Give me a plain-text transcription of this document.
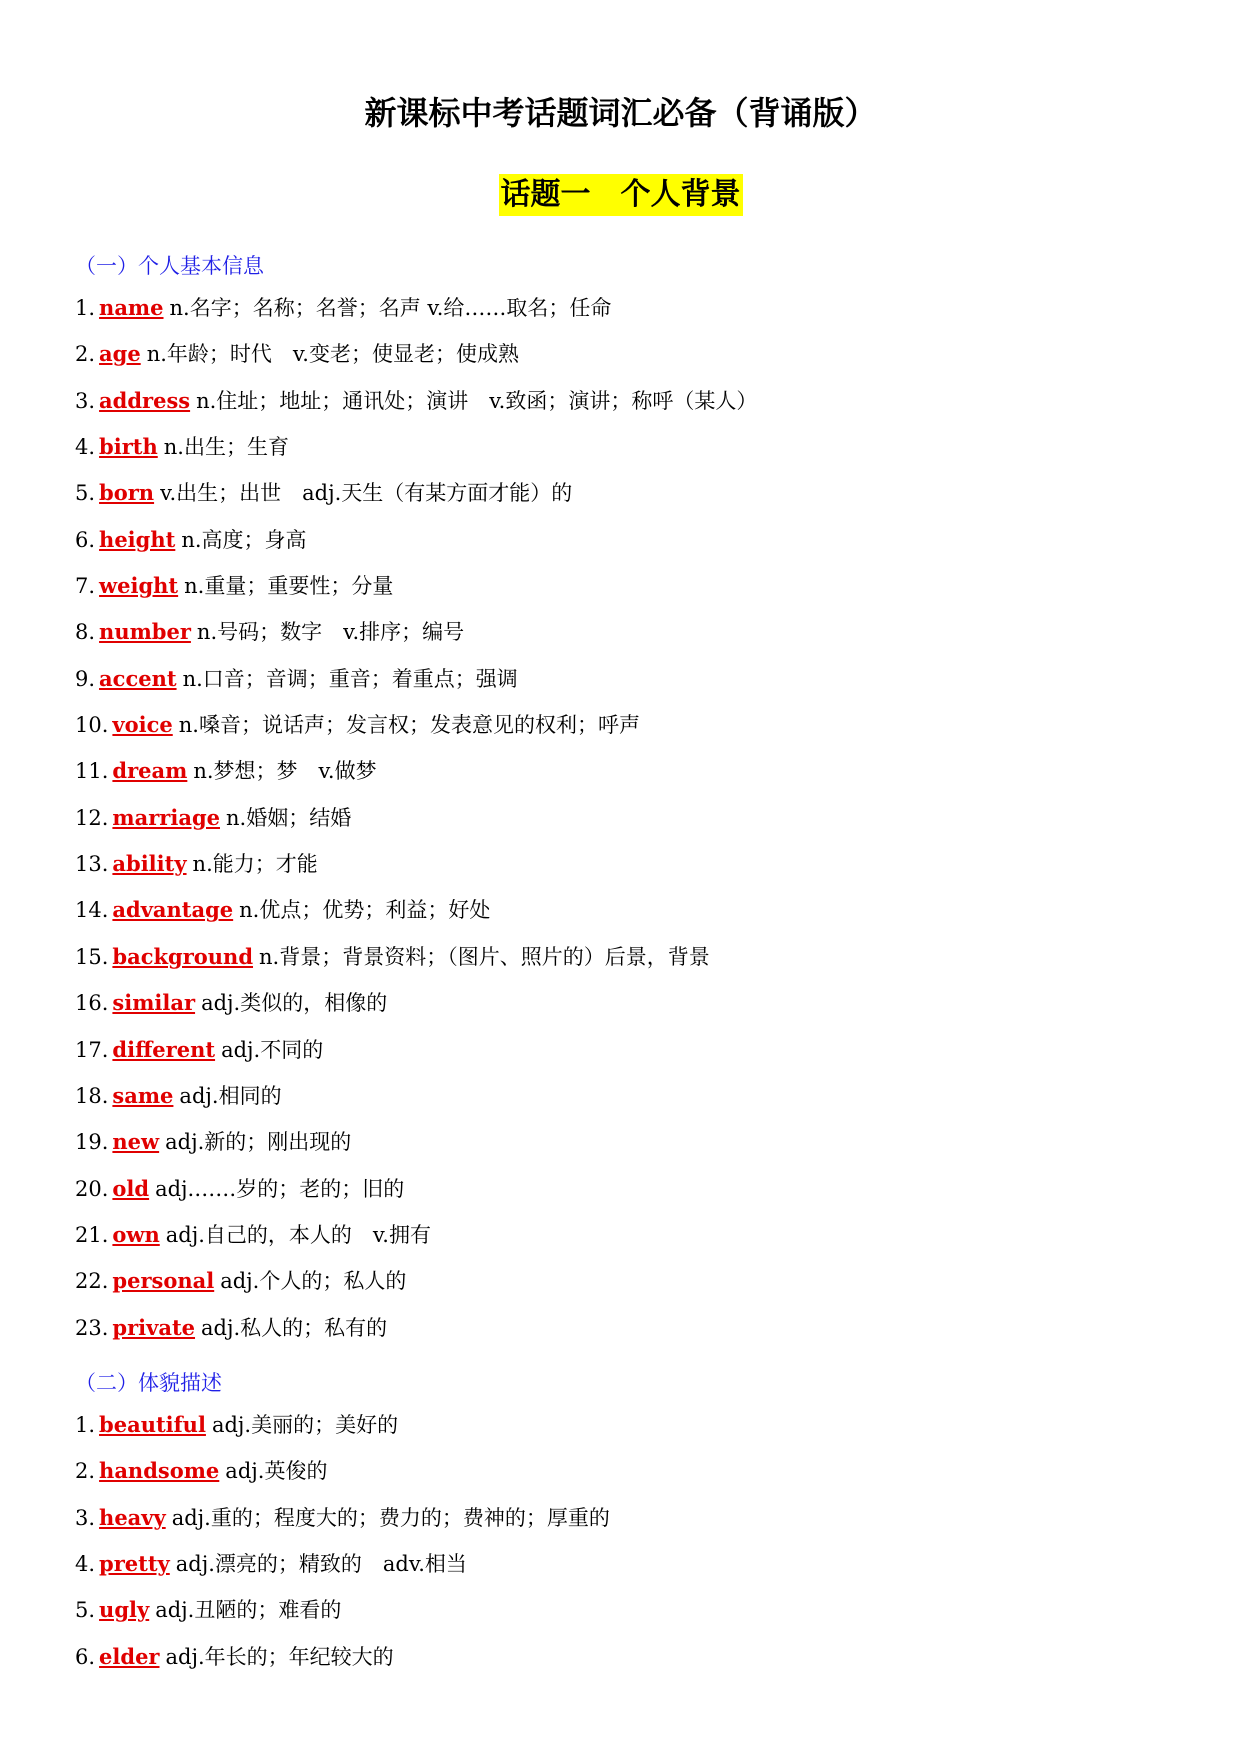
新课标中考话题词汇必备（背诵版）
话题一　个人背景
（一）个人基本信息
1. name n.名字；名称；名誉；名声 v.给……取名；任命
2. age n.年龄；时代　v.变老；使显老；使成熟
3. address n.住址；地址；通讯处；演讲　v.致函；演讲；称呼（某人）
4. birth n.出生；生育
5. born v.出生；出世　adj.天生（有某方面才能）的
6. height n.高度；身高
7. weight n.重量；重要性；分量
8. number n.号码；数字　v.排序；编号
9. accent n.口音；音调；重音；着重点；强调
10. voice n.嗓音；说话声；发言权；发表意见的权利；呼声
11. dream n.梦想；梦　v.做梦
12. marriage n.婚姻；结婚
13. ability n.能力；才能
14. advantage n.优点；优势；利益；好处
15. background n.背景；背景资料；（图片、照片的）后景，背景
16. similar adj.类似的，相像的
17. different adj.不同的
18. same adj.相同的
19. new adj.新的；刚出现的
20. old adj.……岁的；老的；旧的
21. own adj.自己的，本人的　v.拥有
22. personal adj.个人的；私人的
23. private adj.私人的；私有的
（二）体貌描述
1. beautiful adj.美丽的；美好的
2. handsome adj.英俊的
3. heavy adj.重的；程度大的；费力的；费神的；厚重的
4. pretty adj.漂亮的；精致的　adv.相当
5. ugly adj.丑陋的；难看的
6. elder adj.年长的；年纪较大的
